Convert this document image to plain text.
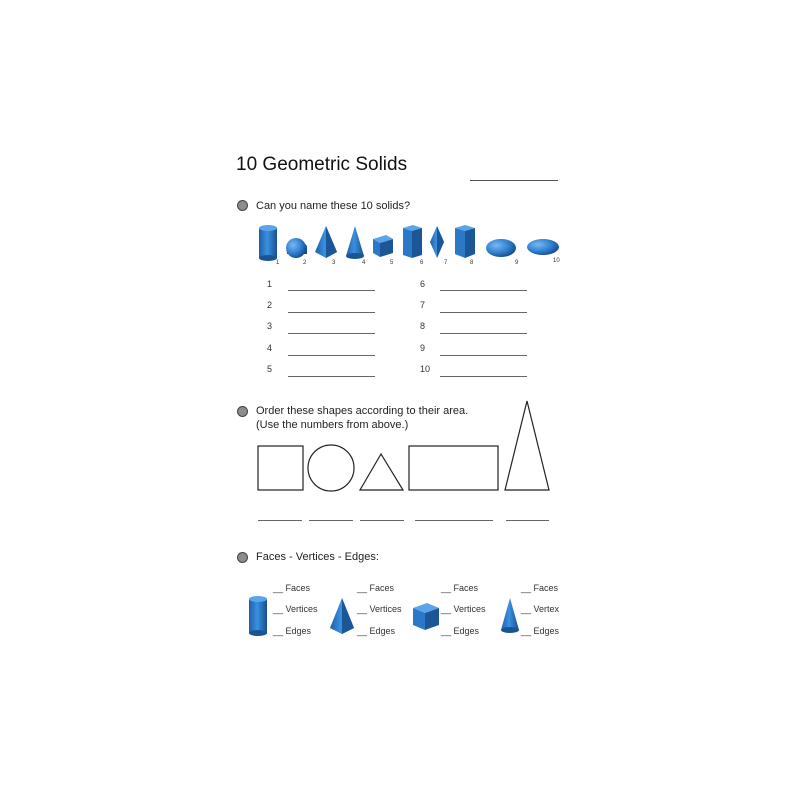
10 Geometric Solids
Can you name these 10 solids?
1	2	3	4	5	6	7	8	9	10
1
2
3
4
5
6
7
8
9
10
Order these shapes according to their area.
(Use the numbers from above.)
Faces - Vertices - Edges:
__ Faces
__ Vertices
__ Edges
__ Faces
__ Vertices
__ Edges
__ Faces
__ Vertices
__ Edges
__ Faces
__ Vertex
__ Edges
